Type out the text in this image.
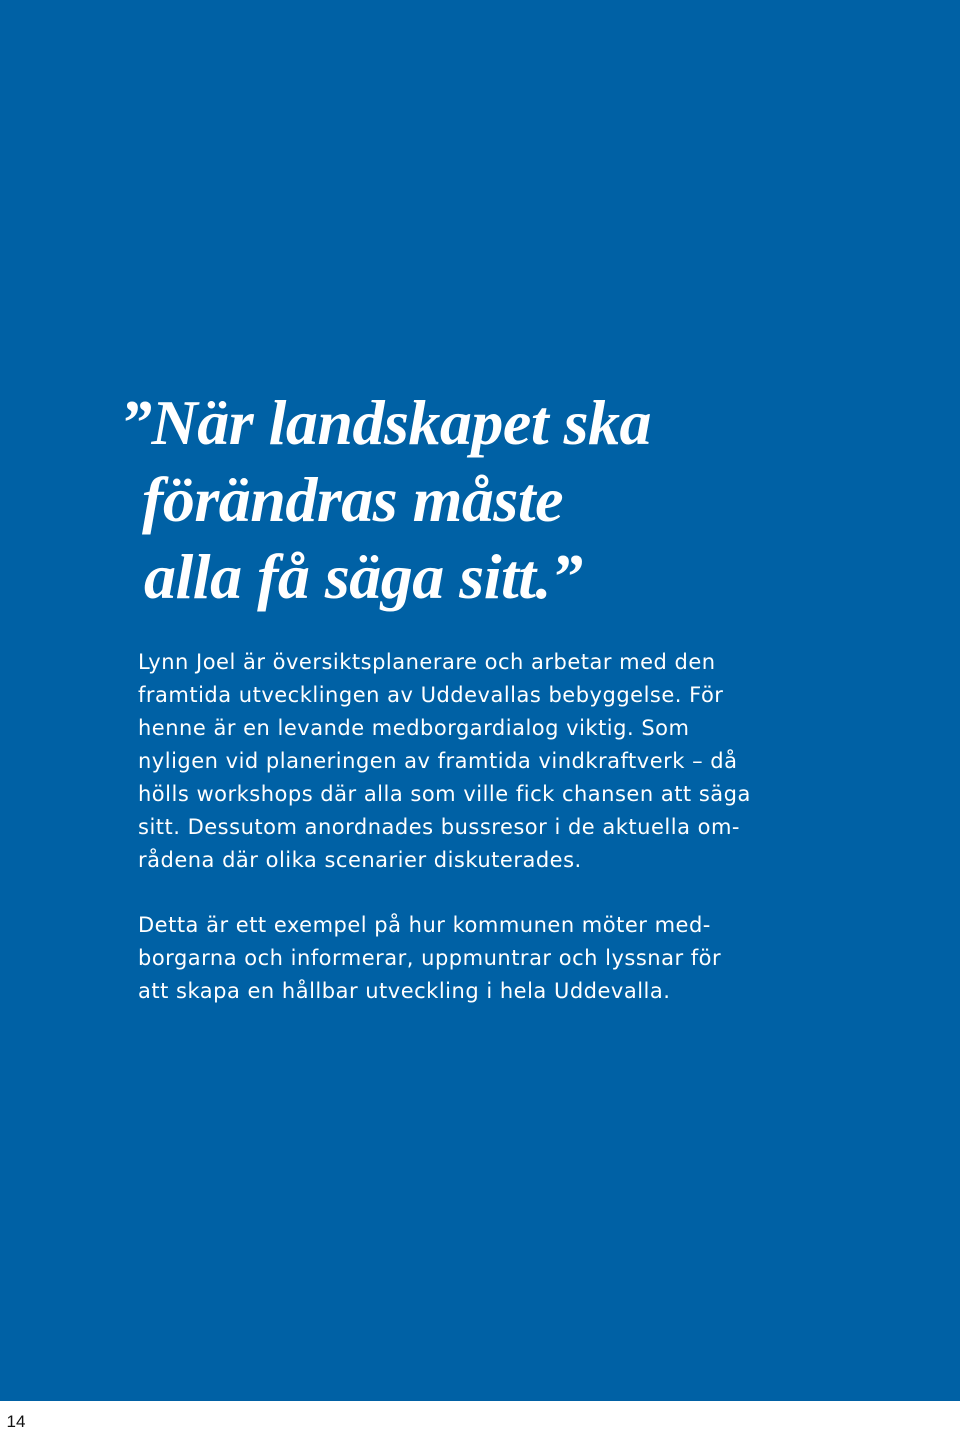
”När landskapet ska
förändras måste
alla få säga sitt.”

Lynn Joel är översiktsplanerare och arbetar med den
framtida utvecklingen av Uddevallas bebyggelse. För
henne är en levande medborgardialog viktig. Som
nyligen vid planeringen av framtida vindkraftverk – då
hölls workshops där alla som ville fick chansen att säga
sitt. Dessutom anordnades bussresor i de aktuella om-
rådena där olika scenarier diskuterades.

Detta är ett exempel på hur kommunen möter med-
borgarna och informerar, uppmuntrar och lyssnar för
att skapa en hållbar utveckling i hela Uddevalla.

14
